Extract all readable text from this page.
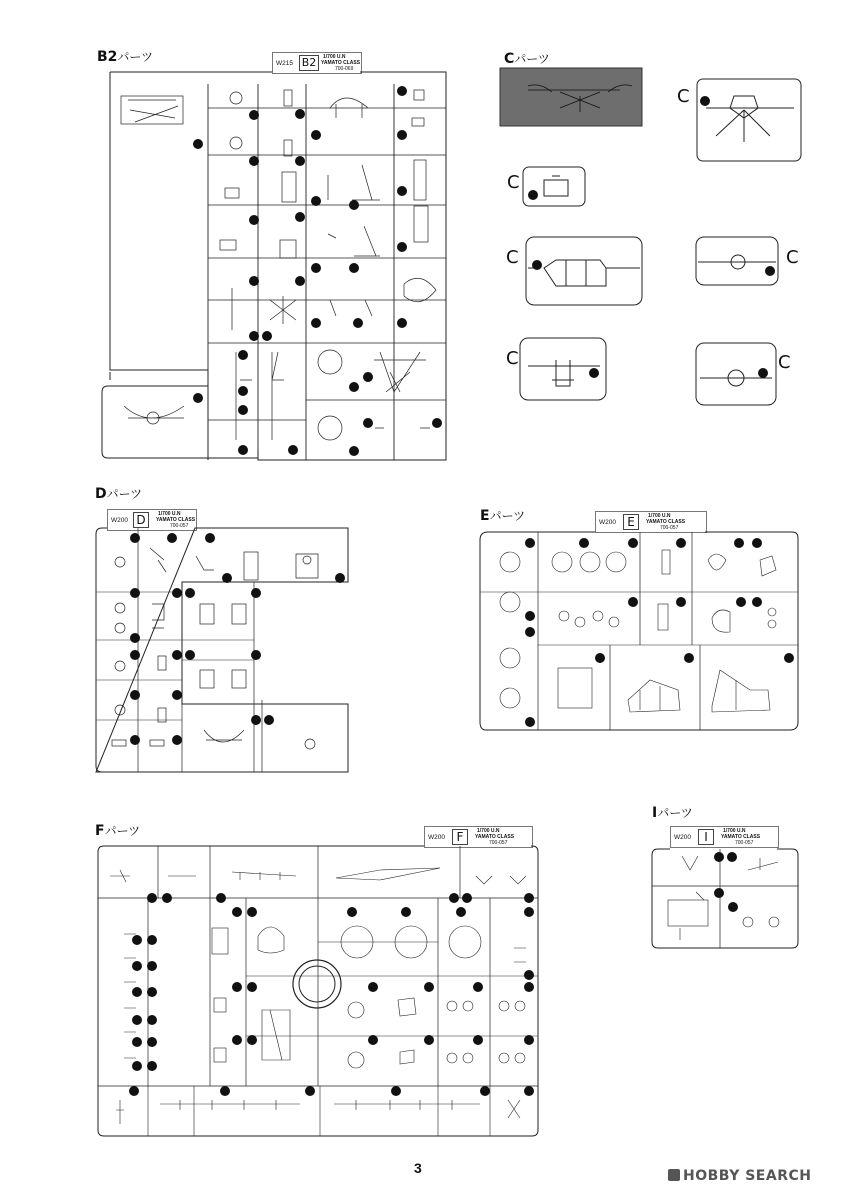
B2パーツ	Cパーツ
Dパーツ
Eパーツ
Fパーツ
Iパーツ
W215 B2	1/700 U.N
YAMATO CLASS
700-069
W200 D	1/700 U.N
YAMATO CLASS
700-057	W200 E	1/700 U.N
YAMATO CLASS
700-057
W200 F	1/700 U.N
YAMATO CLASS
700-057
W200	I	1/700 U.N
YAMATO CLASS
700-057
C
C
C	C
C	C
3	HOBBY SEARCH
